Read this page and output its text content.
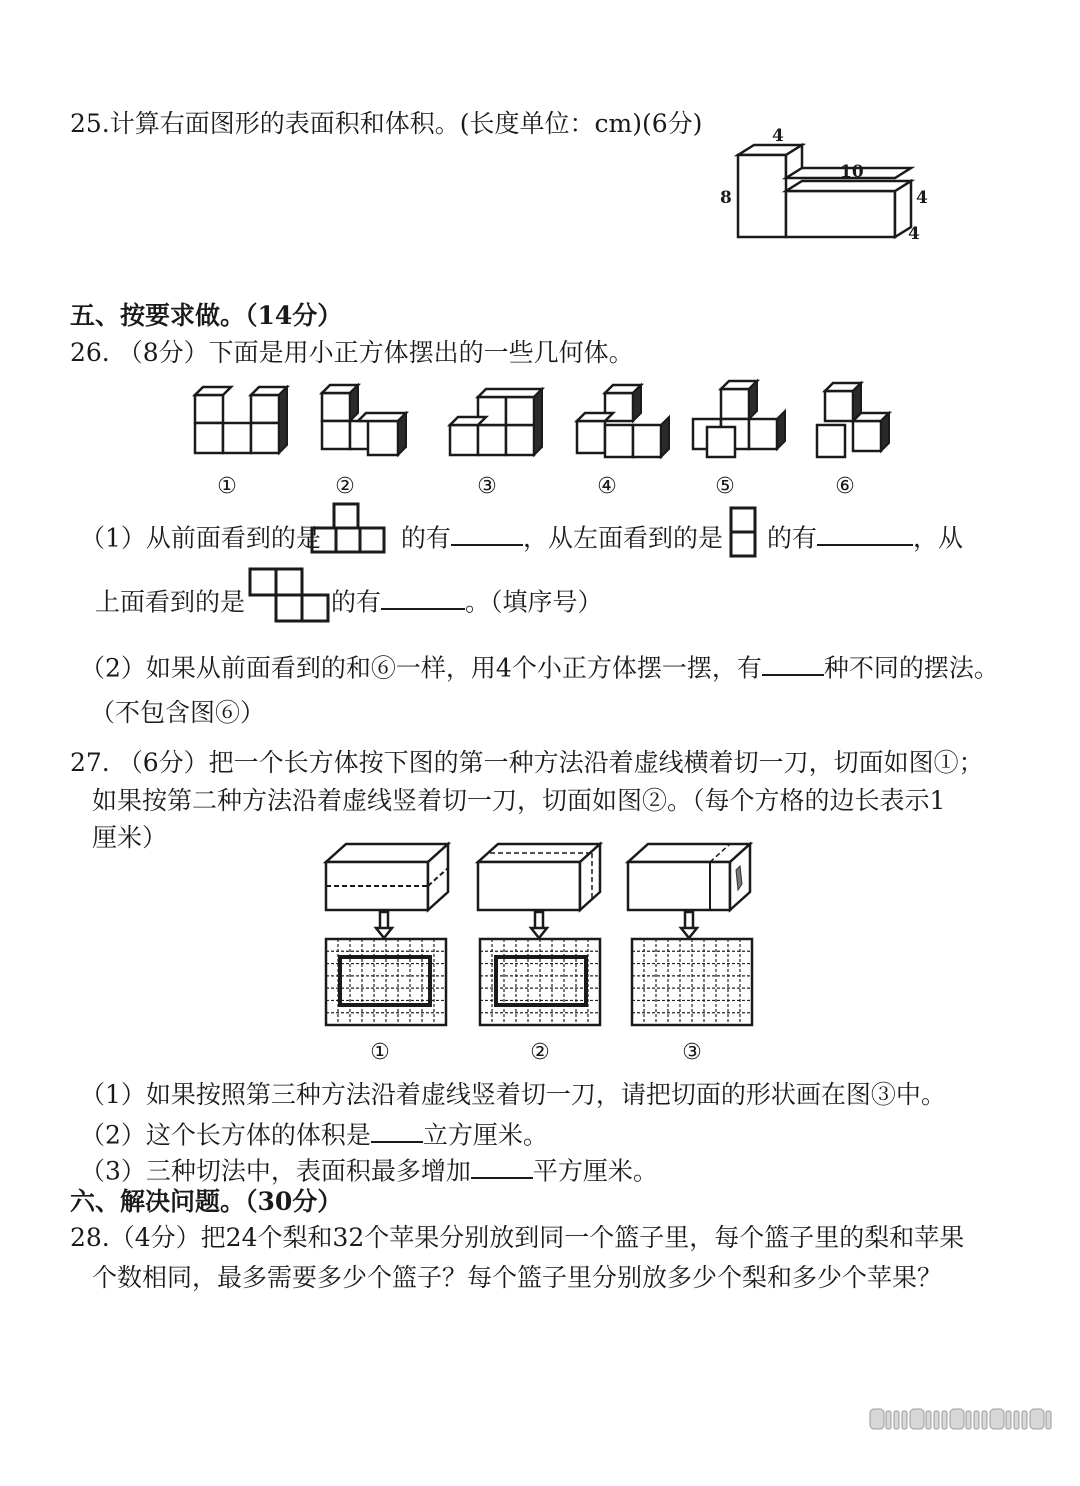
25.计算右面图形的表面积和体积。(长度单位：cm)(6分)	4
8
10
4
4
五、按要求做。（14分）
26. （8分）下面是用小正方体摆出的一些几何体。
①	②	③	④	⑤	⑥
（1）从前面看到的是	的有	，从左面看到的是 的有	，从
上面看到的是	的有	。（填序号）
（2）如果从前面看到的和⑥一样，用4个小正方体摆一摆，有 种不同的摆法。
（不包含图⑥）
27. （6分）把一个长方体按下图的第一种方法沿着虚线横着切一刀，切面如图①；
如果按第二种方法沿着虚线竖着切一刀，切面如图②。（每个方格的边长表示1
厘米）
①	②	③
（1）如果按照第三种方法沿着虚线竖着切一刀，请把切面的形状画在图③中。
（2）这个长方体的体积是 立方厘米。
（3）三种切法中，表面积最多增加 平方厘米。
六、解决问题。（30分）
28.（4分）把24个梨和32个苹果分别放到同一个篮子里，每个篮子里的梨和苹果
个数相同，最多需要多少个篮子？每个篮子里分别放多少个梨和多少个苹果？
